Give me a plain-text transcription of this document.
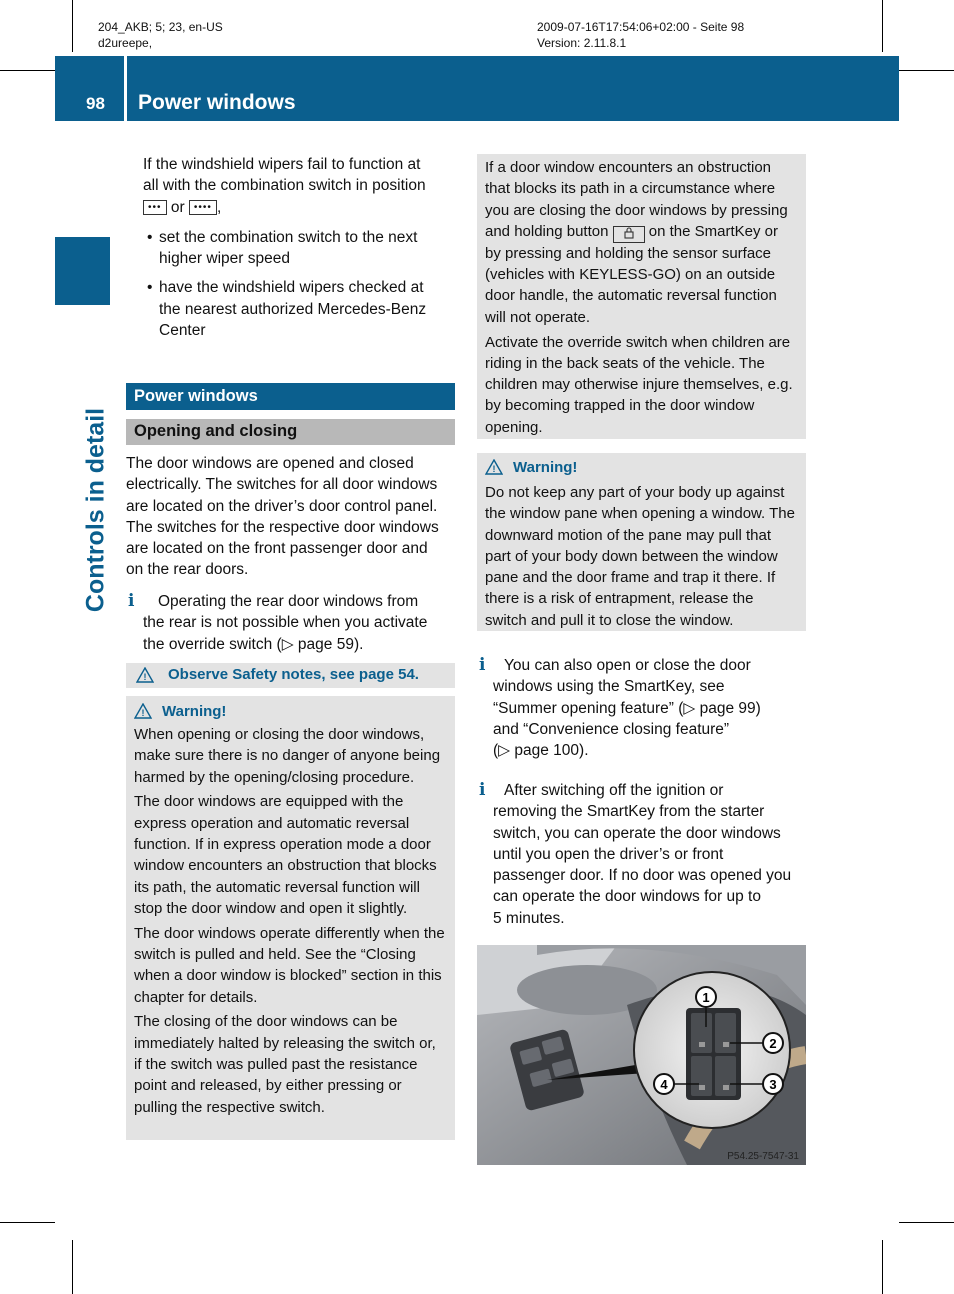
204_AKB; 5; 23, en-US
d2ureepe,
2009-07-16T17:54:06+02:00 - Seite 98
Version: 2.11.8.1
98 Power windows
Controls in detail
If the windshield wipers fail to function at
all with the combination switch in position
••• or •••• ,
• set the combination switch to the next
higher wiper speed
• have the windshield wipers checked at
the nearest authorized Mercedes-Benz
Center
Power windows
Opening and closing
The door windows are opened and closed
electrically. The switches for all door windows
are located on the driver’s door control panel.
The switches for the respective door windows
are located on the front passenger door and
on the rear doors.
i	Operating the rear door windows from
the rear is not possible when you activate
the override switch (▷ page 59).
! Observe Safety notes, see page 54.
! Warning!

When opening or closing the door windows, make sure there is no danger of anyone being harmed by the opening/closing procedure.

The door windows are equipped with the express operation and automatic reversal function. If in express operation mode a door window encounters an obstruction that blocks its path, the automatic reversal function will stop the door window and open it slightly.

The door windows operate differently when the switch is pulled and held. See the “Closing when a door window is blocked” section in this chapter for details.

The closing of the door windows can be immediately halted by releasing the switch or, if the switch was pulled past the resistance point and released, by either pressing or pulling the respective switch.

If a door window encounters an obstruction that blocks its path in a circumstance where you are closing the door windows by pressing and holding button  on the SmartKey or by pressing and holding the sensor surface (vehicles with KEYLESS-GO) on an outside door handle, the automatic reversal function will not operate.

Activate the override switch when children are riding in the back seats of the vehicle. The children may otherwise injure themselves, e.g. by becoming trapped in the door window opening.

! Warning!

Do not keep any part of your body up against the window pane when opening a window. The downward motion of the pane may pull that part of your body down between the window pane and the door frame and trap it there. If there is a risk of entrapment, release the switch and pull it to close the window.

i	You can also open or close the door
windows using the SmartKey, see
“Summer opening feature” (▷ page 99)
and “Convenience closing feature”
(▷ page 100).
i	After switching off the ignition or
removing the SmartKey from the starter
switch, you can operate the door windows
until you open the driver’s or front
passenger door. If no door was opened you
can operate the door windows for up to
5 minutes.
1
2
3
4
P54.25-7547-31
